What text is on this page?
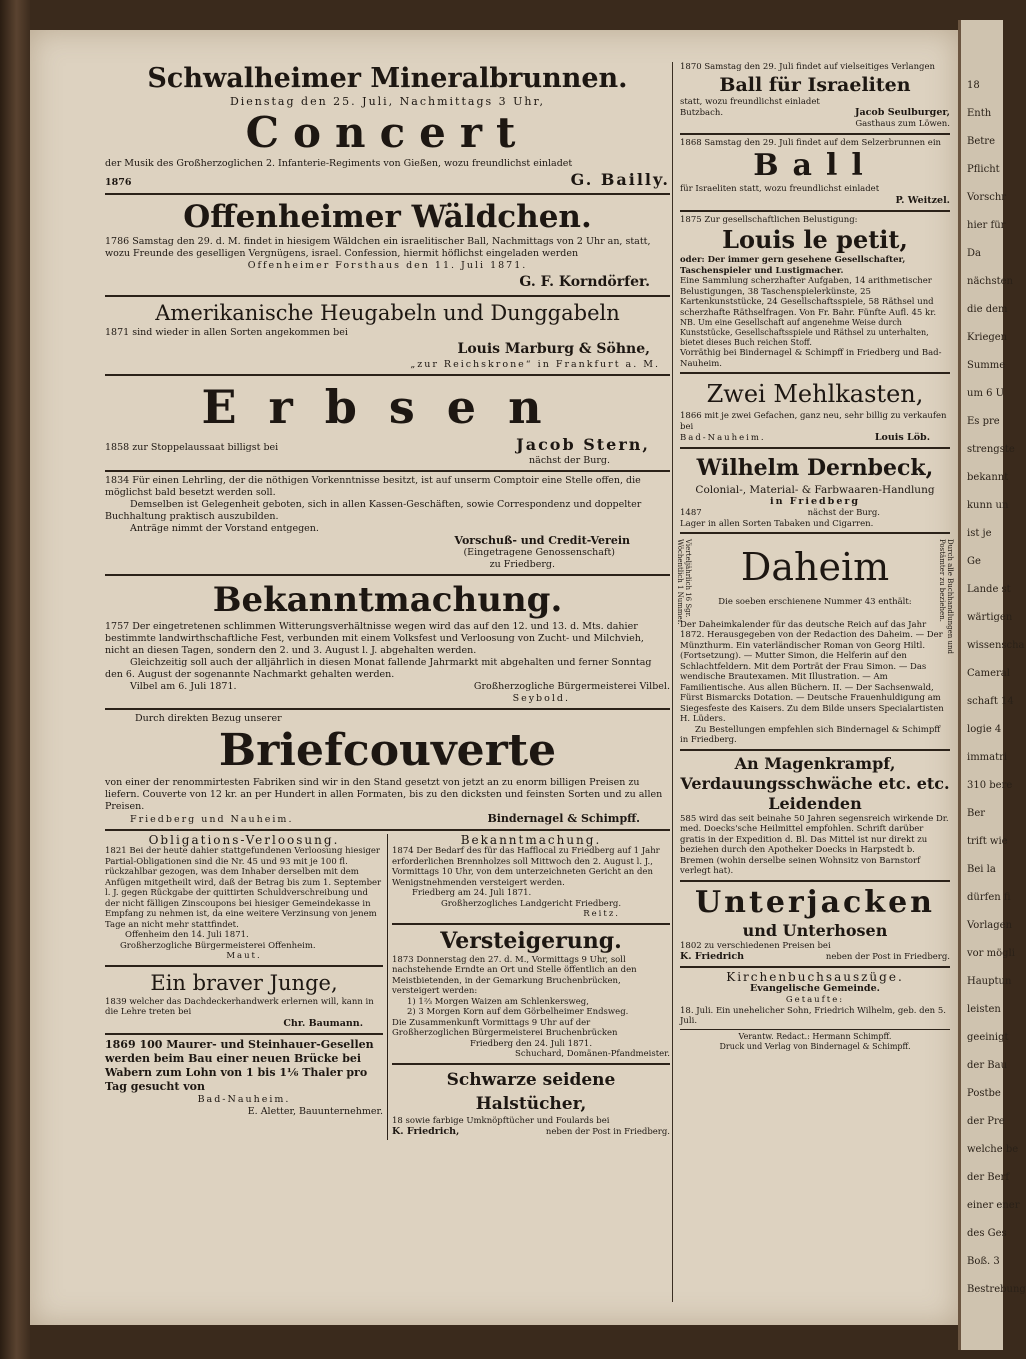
18
Enth
Betre
Pflicht
Vorschr
hier für
Da
nächsten
die dem
Kriegen
Summe
um 6 U
Es pre
strengste
bekannt
kunn un
ist je
Ge
Lande st
wärtigen
wissenscha
Cameral
schaft 14
logie 4
immatri
310 bere
Ber
trift wie
Bei la
dürfen fi
Vorlagen
vor mögli
Hauptun
leisten
geeinigt
der Bau
Postbe
der Pre
welche be
der Berf
einer ener
des Ges
Boß. 3
Bestrebung

Schwalheimer Mineralbrunnen.

Dienstag den 25. Juli, Nachmittags 3 Uhr,

Concert

der Musik des Großherzoglichen 2. Infanterie-Regiments von Gießen, wozu freundlichst einladet

1876	G. Bailly.

Offenheimer Wäldchen.

1786 Samstag den 29. d. M. findet in hiesigem Wäldchen ein israelitischer Ball, Nachmittags von 2 Uhr an, statt, wozu Freunde des geselligen Vergnügens, israel. Confession, hiermit höflichst eingeladen werden

Offenheimer Forsthaus den 11. Juli 1871.

G. F. Korndörfer.

Amerikanische Heugabeln und Dunggabeln

1871 sind wieder in allen Sorten angekommen bei

Louis Marburg & Söhne,

„zur Reichskrone“ in Frankfurt a. M.

Erbsen

1858 zur Stoppelaussaat billigst bei	Jacob Stern,

nächst der Burg.

1834 Für einen Lehrling, der die nöthigen Vorkenntnisse besitzt, ist auf unserm Comptoir eine Stelle offen, die möglichst bald besetzt werden soll.

Demselben ist Gelegenheit geboten, sich in allen Kassen-Geschäften, sowie Correspondenz und doppelter Buchhaltung praktisch auszubilden.

Anträge nimmt der Vorstand entgegen.

Vorschuß- und Credit-Verein

(Eingetragene Genossenschaft)

zu Friedberg.

Bekanntmachung.

1757 Der eingetretenen schlimmen Witterungsverhältnisse wegen wird das auf den 12. und 13. d. Mts. dahier bestimmte landwirthschaftliche Fest, verbunden mit einem Volksfest und Verloosung von Zucht- und Milchvieh, nicht an diesen Tagen, sondern den 2. und 3. August l. J. abgehalten werden.

Gleichzeitig soll auch der alljährlich in diesen Monat fallende Jahrmarkt mit abgehalten und ferner Sonntag den 6. August der sogenannte Nachmarkt gehalten werden.

Vilbel am 6. Juli 1871.	Großherzogliche Bürgermeisterei Vilbel.

Seybold.

Durch direkten Bezug unserer

Briefcouverte

von einer der renommirtesten Fabriken sind wir in den Stand gesetzt von jetzt an zu enorm billigen Preisen zu liefern. Couverte von 12 kr. an per Hundert in allen Formaten, bis zu den dicksten und feinsten Sorten und zu allen Preisen.

Friedberg und Nauheim.	Bindernagel & Schimpff.

Obligations-Verloosung.

1821 Bei der heute dahier stattgefundenen Verloosung hiesiger Partial-Obligationen sind die Nr. 45 und 93 mit je 100 fl. rückzahlbar gezogen, was dem Inhaber derselben mit dem Anfügen mitgetheilt wird, daß der Betrag bis zum 1. September l. J. gegen Rückgabe der quittirten Schuldverschreibung und der nicht fälligen Zinscoupons bei hiesiger Gemeindekasse in Empfang zu nehmen ist, da eine weitere Verzinsung von jenem Tage an nicht mehr stattfindet.

Offenheim den 14. Juli 1871.

Großherzogliche Bürgermeisterei Offenheim.

Maut.

Ein braver Junge,

1839 welcher das Dachdeckerhandwerk erlernen will, kann in die Lehre treten bei

Chr. Baumann.

1869 100 Maurer- und Steinhauer-Gesellen werden beim Bau einer neuen Brücke bei Wabern zum Lohn von 1 bis 1⅙ Thaler pro Tag gesucht von

Bad-Nauheim.

E. Aletter, Bauunternehmer.

Bekanntmachung.

1874 Der Bedarf des für das Hafflocal zu Friedberg auf 1 Jahr erforderlichen Brennholzes soll Mittwoch den 2. August l. J., Vormittags 10 Uhr, von dem unterzeichneten Gericht an den Wenigstnehmenden versteigert werden.

Friedberg am 24. Juli 1871.

Großherzogliches Landgericht Friedberg.

Reitz.

Versteigerung.

1873 Donnerstag den 27. d. M., Vormittags 9 Uhr, soll nachstehende Erndte an Ort und Stelle öffentlich an den Meistbietenden, in der Gemarkung Bruchenbrücken, versteigert werden:

1) 1⅔ Morgen Waizen am Schlenkersweg,

2) 3 Morgen Korn auf dem Görbelheimer Endsweg.

Die Zusammenkunft Vormittags 9 Uhr auf der Großherzoglichen Bürgermeisterei Bruchenbrücken

Friedberg den 24. Juli 1871.

Schuchard, Domänen-Pfandmeister.

Schwarze seidene Halstücher,

18 sowie farbige Umknöpftücher und Foulards bei

K. Friedrich,	neben der Post in Friedberg.

1870 Samstag den 29. Juli findet auf vielseitiges Verlangen

Ball für Israeliten

statt, wozu freundlichst einladet

Butzbach.	Jacob Seulburger,

Gasthaus zum Löwen.

1868 Samstag den 29. Juli findet auf dem Selzerbrunnen ein

Ball

für Israeliten statt, wozu freundlichst einladet

P. Weitzel.

1875 Zur gesellschaftlichen Belustigung:

Louis le petit,

oder: Der immer gern gesehene Gesellschafter, Taschenspieler und Lustigmacher.

Eine Sammlung scherzhafter Aufgaben, 14 arithmetischer Belustigungen, 38 Taschenspielerkünste, 25 Kartenkunststücke, 24 Gesellschaftsspiele, 58 Räthsel und scherzhafte Räthselfragen. Von Fr. Bahr. Fünfte Aufl. 45 kr.

NB. Um eine Gesellschaft auf angenehme Weise durch Kunststücke, Gesellschaftsspiele und Räthsel zu unterhalten, bietet dieses Buch reichen Stoff.

Vorräthig bei Bindernagel & Schimpff in Friedberg und Bad-Nauheim.

Zwei Mehlkasten,

1866 mit je zwei Gefachen, ganz neu, sehr billig zu verkaufen bei

Bad-Nauheim.	Louis Löb.

Wilhelm Dernbeck,

Colonial-, Material- & Farbwaaren-Handlung

in Friedberg

1487	nächst der Burg.

Lager in allen Sorten Tabaken und Cigarren.

Vierteljährlich 16 Sgr. Wöchentlich 1 Nummer.	Durch alle Buchhandlungen und Postämter zu beziehen.

Daheim

Die soeben erschienene Nummer 43 enthält:

Der Daheimkalender für das deutsche Reich auf das Jahr 1872. Herausgegeben von der Redaction des Daheim. — Der Münzthurm. Ein vaterländischer Roman von Georg Hiltl. (Fortsetzung). — Mutter Simon, die Helferin auf den Schlachtfeldern. Mit dem Porträt der Frau Simon. — Das wendische Brautexamen. Mit Illustration. — Am Familientische. Aus allen Büchern. II. — Der Sachsenwald, Fürst Bismarcks Dotation. — Deutsche Frauenhuldigung am Siegesfeste des Kaisers. Zu dem Bilde unsers Specialartisten H. Lüders.

Zu Bestellungen empfehlen sich Bindernagel & Schimpff in Friedberg.

An Magenkrampf, Verdauungsschwäche etc. etc. Leidenden

585 wird das seit beinahe 50 Jahren segensreich wirkende Dr. med. Doecks'sche Heilmittel empfohlen. Schrift darüber gratis in der Expedition d. Bl. Das Mittel ist nur direkt zu beziehen durch den Apotheker Doecks in Harpstedt b. Bremen (wohin derselbe seinen Wohnsitz von Barnstorf verlegt hat).

Unterjacken

und Unterhosen

1802 zu verschiedenen Preisen bei

K. Friedrich	neben der Post in Friedberg.

Kirchenbuchsauszüge.

Evangelische Gemeinde.

Getaufte:

18. Juli. Ein unehelicher Sohn, Friedrich Wilhelm, geb. den 5. Juli.

Verantw. Redact.: Hermann Schimpff.

Druck und Verlag von Bindernagel & Schimpff.
